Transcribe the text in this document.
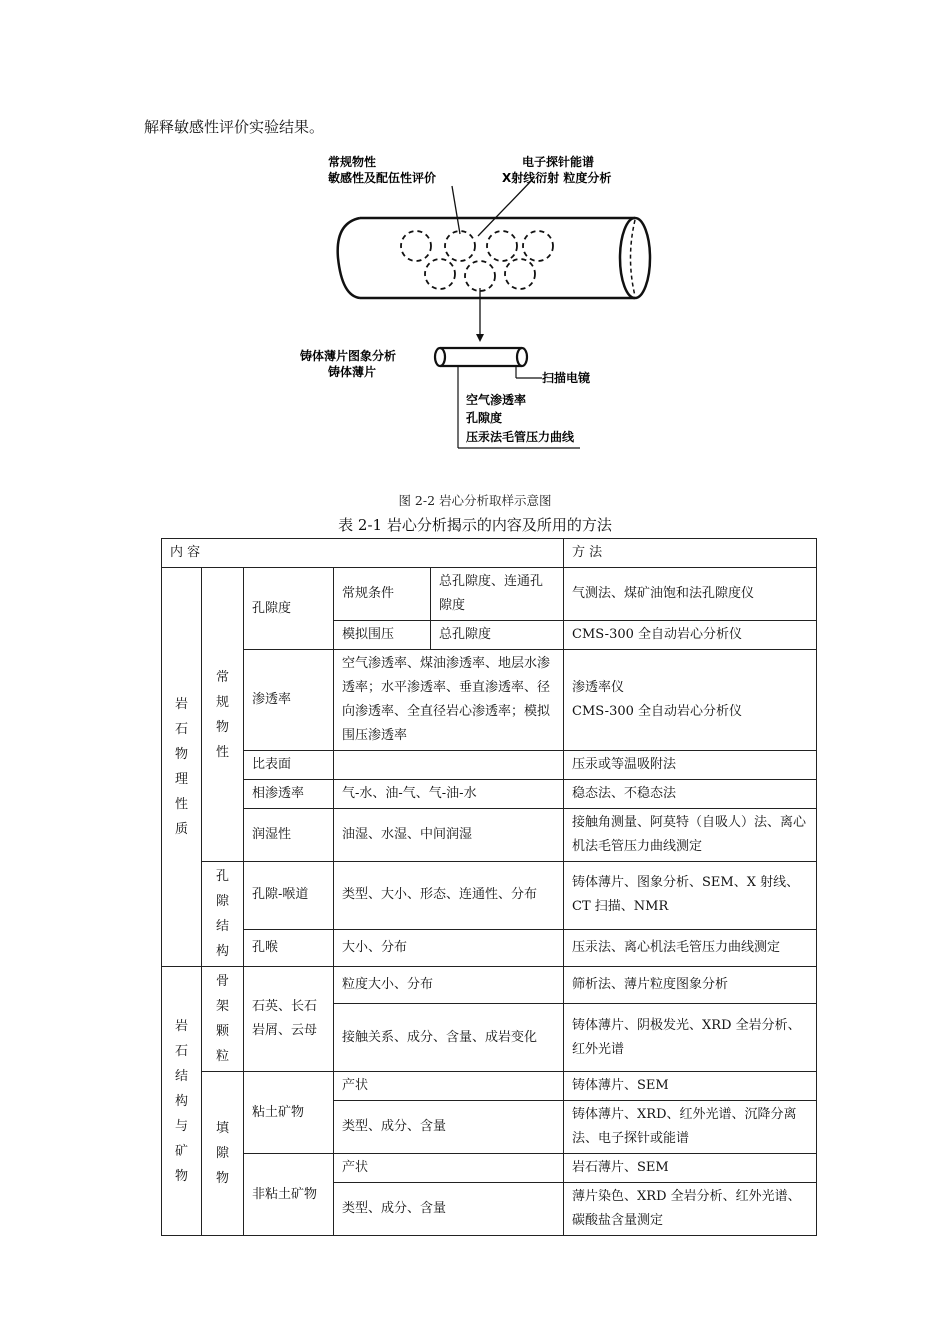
解释敏感性评价实验结果。
常规物性
敏感性及配伍性评价
电子探针能谱
X射线衍射 粒度分析
铸体薄片图象分析
铸体薄片	扫描电镜
空气渗透率
孔隙度
压汞法毛管压力曲线
图 2-2 岩心分析取样示意图
表 2-1 岩心分析揭示的内容及所用的方法
内 容					方 法

岩石物理性质	常规物性	孔隙度	常规条件	总孔隙度、连通孔隙度	气测法、煤矿油饱和法孔隙度仪
			模拟围压	总孔隙度	CMS-300 全自动岩心分析仪
		渗透率	空气渗透率、煤油渗透率、地层水渗透率；水平渗透率、垂直渗透率、径向渗透率、全直径岩心渗透率；模拟围压渗透率		渗透率仪
CMS-300 全自动岩心分析仪

		比表面			压汞或等温吸附法
		相渗透率	气-水、油-气、气-油-水		稳态法、不稳态法
		润湿性	油湿、水湿、中间润湿		接触角测量、阿莫特（自吸人）法、离心机法毛管压力曲线测定

	孔隙结构	孔隙-喉道	类型、大小、形态、连通性、分布		铸体薄片、图象分析、SEM、X 射线、CT 扫描、NMR
		孔喉	大小、分布		压汞法、离心机法毛管压力曲线测定

岩石结构与矿物	骨架颗粒	石英、长石岩屑、云母	粒度大小、分布		筛析法、薄片粒度图象分析
			接触关系、成分、含量、成岩变化		铸体薄片、阴极发光、XRD 全岩分析、红外光谱

	填隙物	粘土矿物	产状		铸体薄片、SEM
			类型、成分、含量		铸体薄片、XRD、红外光谱、沉降分离法、电子探针或能谱
		非粘土矿物	产状		岩石薄片、SEM
			类型、成分、含量		薄片染色、XRD 全岩分析、红外光谱、碳酸盐含量测定
